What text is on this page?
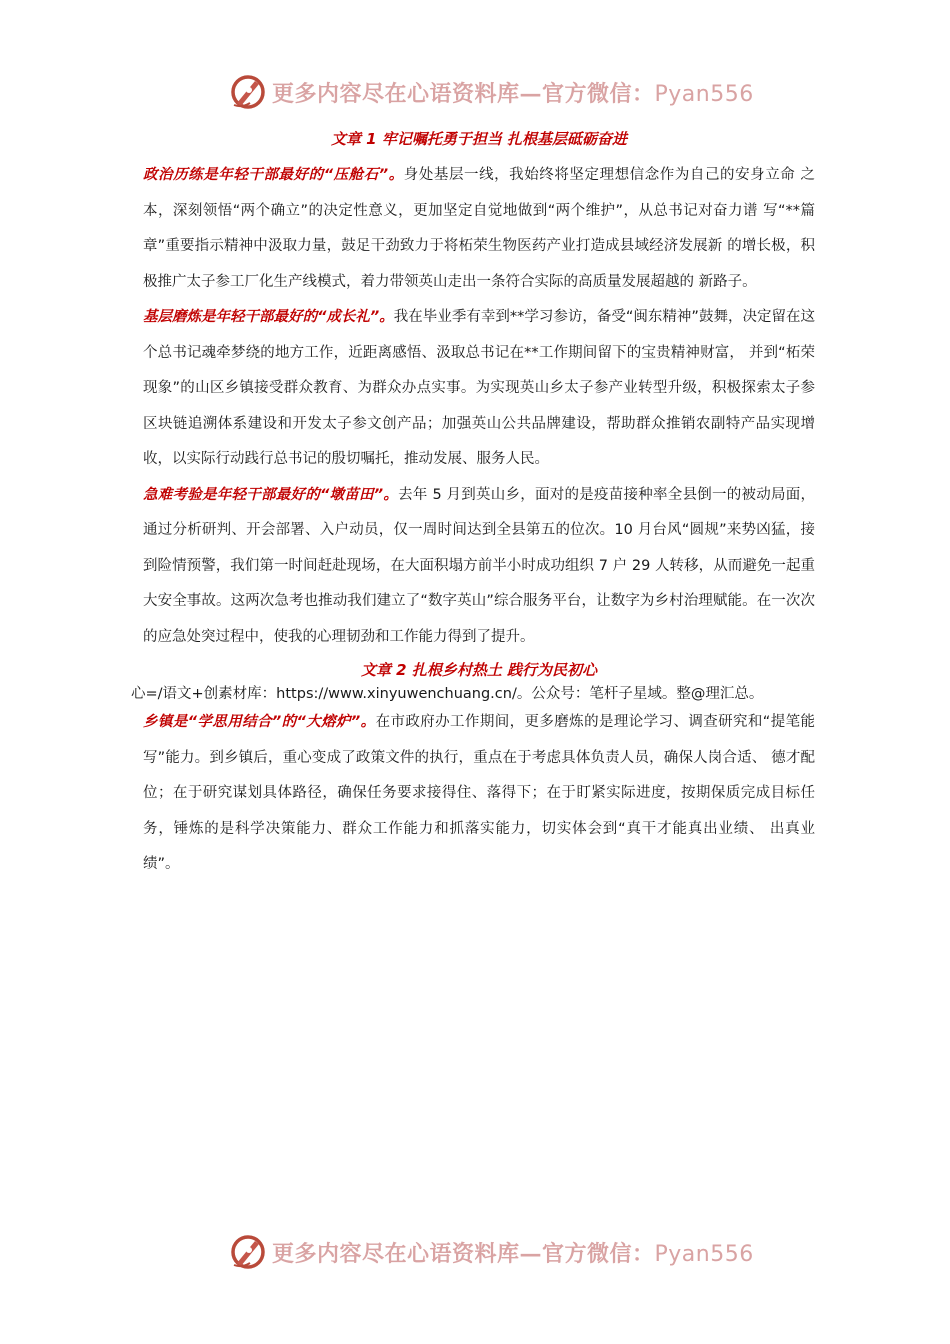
更多内容尽在心语资料库—官方微信：Pyan556

文章 1 牢记嘱托勇于担当 扎根基层砥砺奋进

政治历练是年轻干部最好的“压舱石”。身处基层一线，我始终将坚定理想信念作为自己的安身立命 之本，深刻领悟“两个确立”的决定性意义，更加坚定自觉地做到“两个维护”，从总书记对奋力谱 写“**篇章”重要指示精神中汲取力量，鼓足干劲致力于将柘荣生物医药产业打造成县域经济发展新 的增长极，积极推广太子参工厂化生产线模式，着力带领英山走出一条符合实际的高质量发展超越的 新路子。

基层磨炼是年轻干部最好的“成长礼”。我在毕业季有幸到**学习参访，备受“闽东精神”鼓舞，决定留在这个总书记魂牵梦绕的地方工作，近距离感悟、汲取总书记在**工作期间留下的宝贵精神财富， 并到“柘荣现象”的山区乡镇接受群众教育、为群众办点实事。为实现英山乡太子参产业转型升级，积极探索太子参区块链追溯体系建设和开发太子参文创产品；加强英山公共品牌建设，帮助群众推销农副特产品实现增收，以实际行动践行总书记的殷切嘱托，推动发展、服务人民。

急难考验是年轻干部最好的“墩苗田”。去年 5 月到英山乡，面对的是疫苗接种率全县倒一的被动局面，通过分析研判、开会部署、入户动员，仅一周时间达到全县第五的位次。10 月台风“圆规”来势凶猛，接到险情预警，我们第一时间赶赴现场，在大面积塌方前半小时成功组织 7 户 29 人转移，从而避免一起重大安全事故。这两次急考也推动我们建立了“数字英山”综合服务平台，让数字为乡村治理赋能。在一次次的应急处突过程中，使我的心理韧劲和工作能力得到了提升。

文章 2 扎根乡村热土 践行为民初心

心=/语文+创素材库：https://www.xinyuwenchuang.cn/。公众号：笔杆子星域。整@理汇总。

乡镇是“学思用结合”的“大熔炉”。在市政府办工作期间，更多磨炼的是理论学习、调查研究和“提笔能写”能力。到乡镇后，重心变成了政策文件的执行，重点在于考虑具体负责人员，确保人岗合适、 德才配位；在于研究谋划具体路径，确保任务要求接得住、落得下；在于盯紧实际进度，按期保质完成目标任务，锤炼的是科学决策能力、群众工作能力和抓落实能力，切实体会到“真干才能真出业绩、 出真业绩”。

更多内容尽在心语资料库—官方微信：Pyan556
